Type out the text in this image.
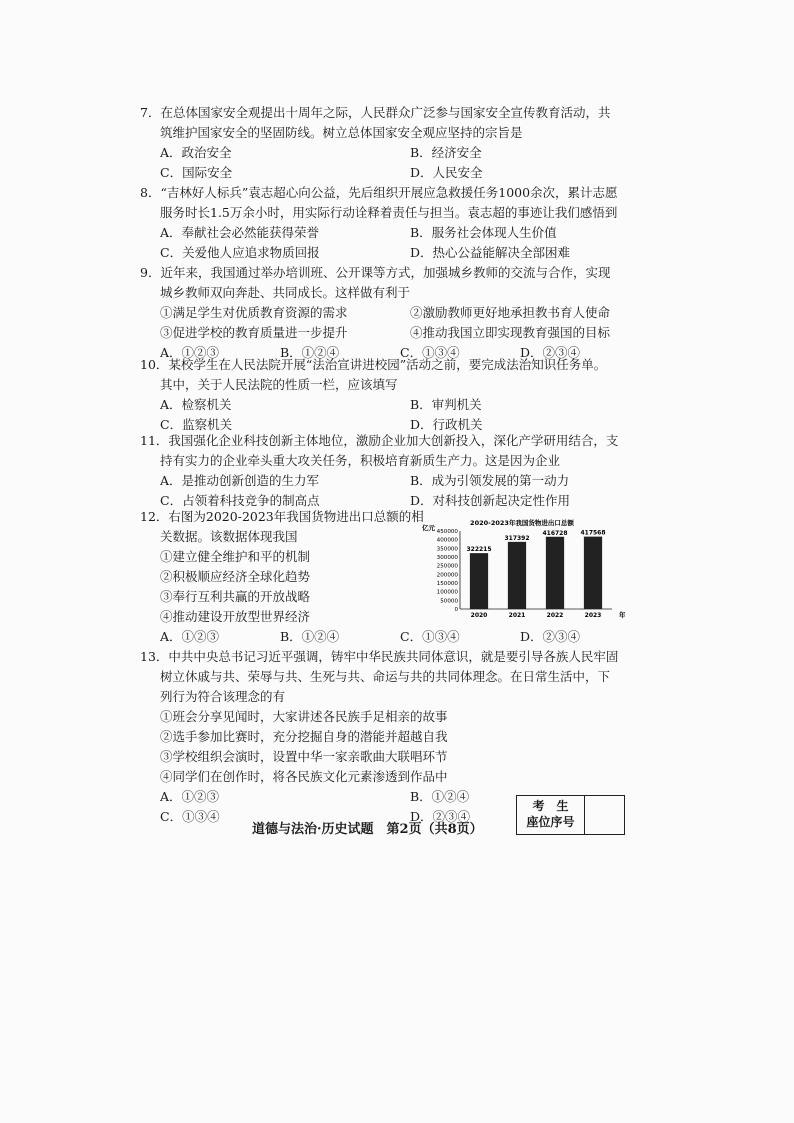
7．在总体国家安全观提出十周年之际，人民群众广泛参与国家安全宣传教育活动，共
筑维护国家安全的坚固防线。树立总体国家安全观应坚持的宗旨是
A．政治安全	B．经济安全
C．国际安全	D．人民安全
8．“吉林好人标兵”袁志超心向公益，先后组织开展应急救援任务1000余次，累计志愿
服务时长1.5万余小时，用实际行动诠释着责任与担当。袁志超的事迹让我们感悟到
A．奉献社会必然能获得荣誉	B．服务社会体现人生价值
C．关爱他人应追求物质回报	D．热心公益能解决全部困难
9．近年来，我国通过举办培训班、公开课等方式，加强城乡教师的交流与合作，实现
城乡教师双向奔赴、共同成长。这样做有利于
①满足学生对优质教育资源的需求	②激励教师更好地承担教书育人使命
③促进学校的教育质量进一步提升	④推动我国立即实现教育强国的目标
A．①②③	B．①②④	C．①③④	D．②③④
10．某校学生在人民法院开展“法治宣讲进校园”活动之前，要完成法治知识任务单。
其中，关于人民法院的性质一栏，应该填写
A．检察机关	B．审判机关
C．监察机关	D．行政机关
11．我国强化企业科技创新主体地位，激励企业加大创新投入，深化产学研用结合，支
持有实力的企业牵头重大攻关任务，积极培育新质生产力。这是因为企业
A．是推动创新创造的生力军	B．成为引领发展的第一动力
C．占领着科技竞争的制高点	D．对科技创新起决定性作用
12．右图为2020-2023年我国货物进出口总额的相
关数据。该数据体现我国
①建立健全维护和平的机制
②积极顺应经济全球化趋势
③奉行互利共赢的开放战略
④推动建设开放型世界经济
A．①②③	B．①②④	C．①③④	D．②③④
2020-2023年我国货物进出口总额
亿元
年
450000
400000
350000
300000
250000
200000
150000
100000
50000
0
322215
2020
317392
2021
416728
2022
417568
2023
13．中共中央总书记习近平强调，铸牢中华民族共同体意识，就是要引导各族人民牢固
树立休戚与共、荣辱与共、生死与共、命运与共的共同体理念。在日常生活中，下
列行为符合该理念的有
①班会分享见闻时，大家讲述各民族手足相亲的故事
②选手参加比赛时，充分挖掘自身的潜能并超越自我
③学校组织会演时，设置中华一家亲歌曲大联唱环节
④同学们在创作时，将各民族文化元素渗透到作品中
A．①②③	B．①②④
C．①③④	D．②③④
考　生
座位序号
道德与法治·历史试题　第2页（共8页）
